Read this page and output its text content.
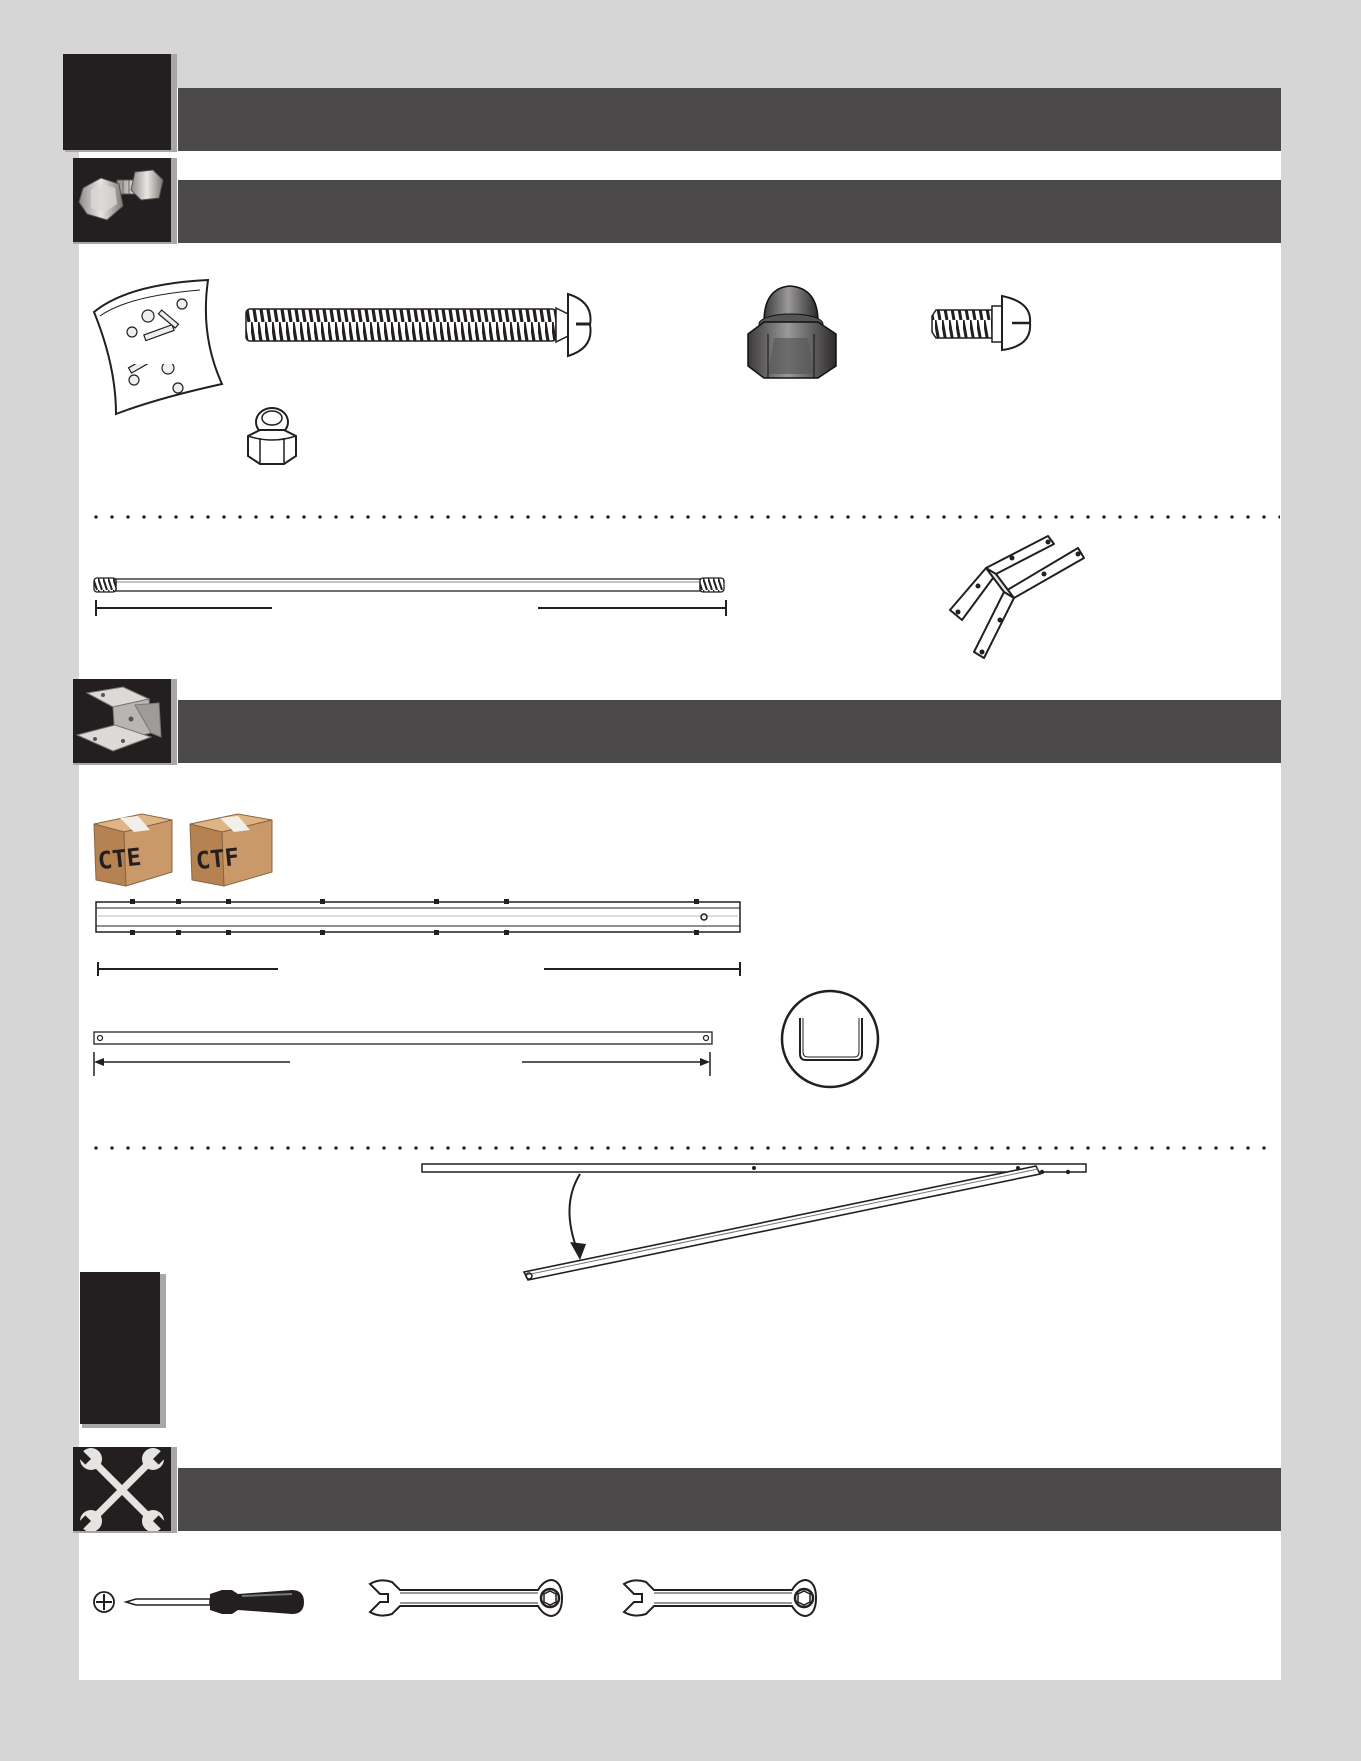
CTE CTF
